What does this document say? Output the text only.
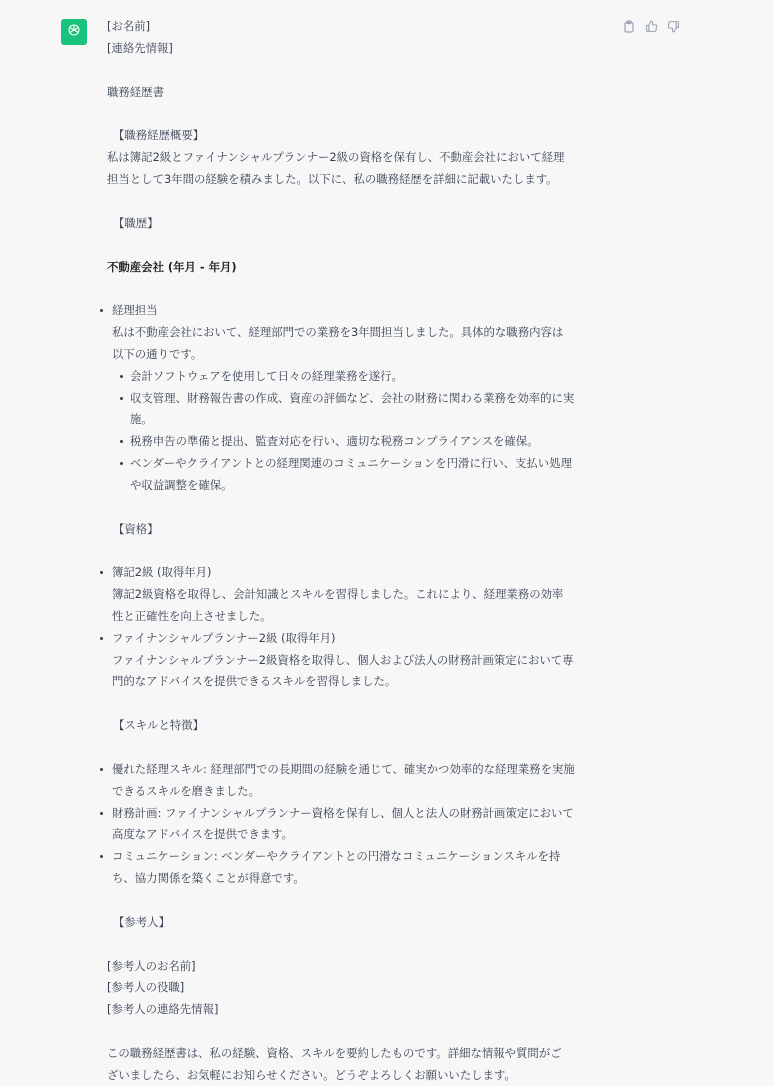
[お名前]

[連絡先情報]

職務経歴書

【職務経歴概要】

私は簿記2級とファイナンシャルプランナー2級の資格を保有し、不動産会社において経理

担当として3年間の経験を積みました。以下に、私の職務経歴を詳細に記載いたします。

【職歴】

不動産会社 (年月 - 年月)

経理担当

私は不動産会社において、経理部門での業務を3年間担当しました。具体的な職務内容は

以下の通りです。

会計ソフトウェアを使用して日々の経理業務を遂行。

収支管理、財務報告書の作成、資産の評価など、会社の財務に関わる業務を効率的に実

施。

税務申告の準備と提出、監査対応を行い、適切な税務コンプライアンスを確保。

ベンダーやクライアントとの経理関連のコミュニケーションを円滑に行い、支払い処理

や収益調整を確保。

【資格】

簿記2級 (取得年月)

簿記2級資格を取得し、会計知識とスキルを習得しました。これにより、経理業務の効率

性と正確性を向上させました。

ファイナンシャルプランナー2級 (取得年月)

ファイナンシャルプランナー2級資格を取得し、個人および法人の財務計画策定において専

門的なアドバイスを提供できるスキルを習得しました。

【スキルと特徴】

優れた経理スキル: 経理部門での長期間の経験を通じて、確実かつ効率的な経理業務を実施

できるスキルを磨きました。

財務計画: ファイナンシャルプランナー資格を保有し、個人と法人の財務計画策定において

高度なアドバイスを提供できます。

コミュニケーション: ベンダーやクライアントとの円滑なコミュニケーションスキルを持

ち、協力関係を築くことが得意です。

【参考人】

[参考人のお名前]

[参考人の役職]

[参考人の連絡先情報]

この職務経歴書は、私の経験、資格、スキルを要約したものです。詳細な情報や質問がご

ざいましたら、お気軽にお知らせください。どうぞよろしくお願いいたします。
